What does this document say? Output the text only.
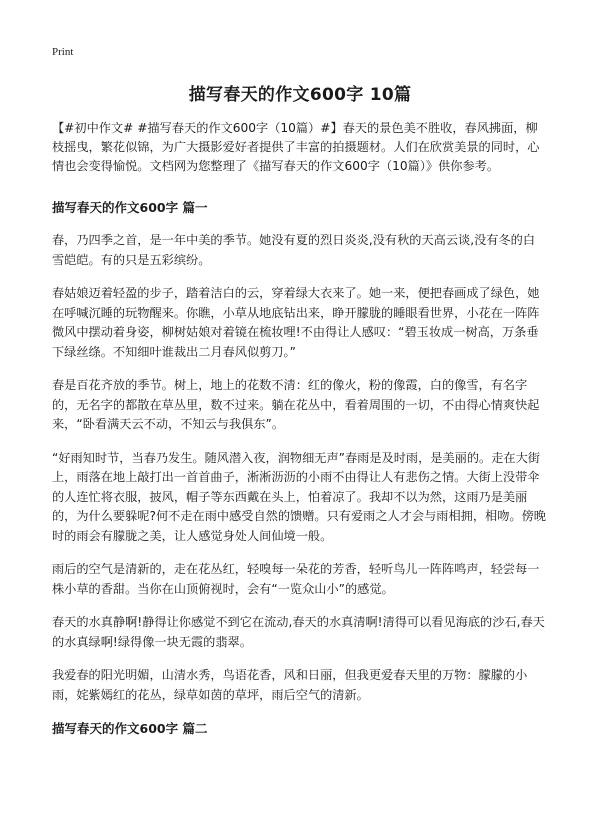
Print
描写春天的作文600字 10篇

【#初中作文# #描写春天的作文600字（10篇）#】春天的景色美不胜收，春风拂面，柳枝摇曳，繁花似锦，为广大摄影爱好者提供了丰富的拍摄题材。人们在欣赏美景的同时，心情也会变得愉悦。文档网为您整理了《描写春天的作文600字（10篇）》供你参考。

描写春天的作文600字 篇一

春，乃四季之首，是一年中美的季节。她没有夏的烈日炎炎,没有秋的天高云谈,没有冬的白雪皑皑。有的只是五彩缤纷。

春姑娘迈着轻盈的步子，踏着洁白的云，穿着绿大衣来了。她一来，便把春画成了绿色，她在呼喊沉睡的玩物醒来。你瞧，小草从地底钻出来，睁开朦胧的睡眼看世界，小花在一阵阵微风中摆动着身姿，柳树姑娘对着镜在梳妆哩!不由得让人感叹：“碧玉妆成一树高，万条垂下绿丝绦。不知细叶谁裁出二月春风似剪刀。”

春是百花齐放的季节。树上，地上的花数不清：红的像火，粉的像霞，白的像雪，有名字的，无名字的都散在草丛里，数不过来。躺在花丛中，看着周围的一切，不由得心情爽快起来，“卧看满天云不动，不知云与我俱东”。

“好雨知时节，当春乃发生。随风潜入夜，润物细无声”春雨是及时雨，是美丽的。走在大街上，雨落在地上敲打出一首首曲子，淅淅沥沥的小雨不由得让人有悲伤之情。大街上没带伞的人连忙将衣服，披风，帽子等东西戴在头上，怕着凉了。我却不以为然，这雨乃是美丽的，为什么要躲呢?何不走在雨中感受自然的馈赠。只有爱雨之人才会与雨相拥，相吻。傍晚时的雨会有朦胧之美，让人感觉身处人间仙境一般。

雨后的空气是清新的，走在花丛红，轻嗅每一朵花的芳香，轻听鸟儿一阵阵鸣声，轻尝每一株小草的香甜。当你在山顶俯视时，会有“一览众山小”的感觉。

春天的水真静啊!静得让你感觉不到它在流动,春天的水真清啊!清得可以看见海底的沙石,春天的水真绿啊!绿得像一块无霞的翡翠。

我爱春的阳光明媚，山清水秀，鸟语花香，风和日丽，但我更爱春天里的万物：朦朦的小雨，姹紫嫣红的花丛，绿草如茵的草坪，雨后空气的清新。

描写春天的作文600字 篇二
